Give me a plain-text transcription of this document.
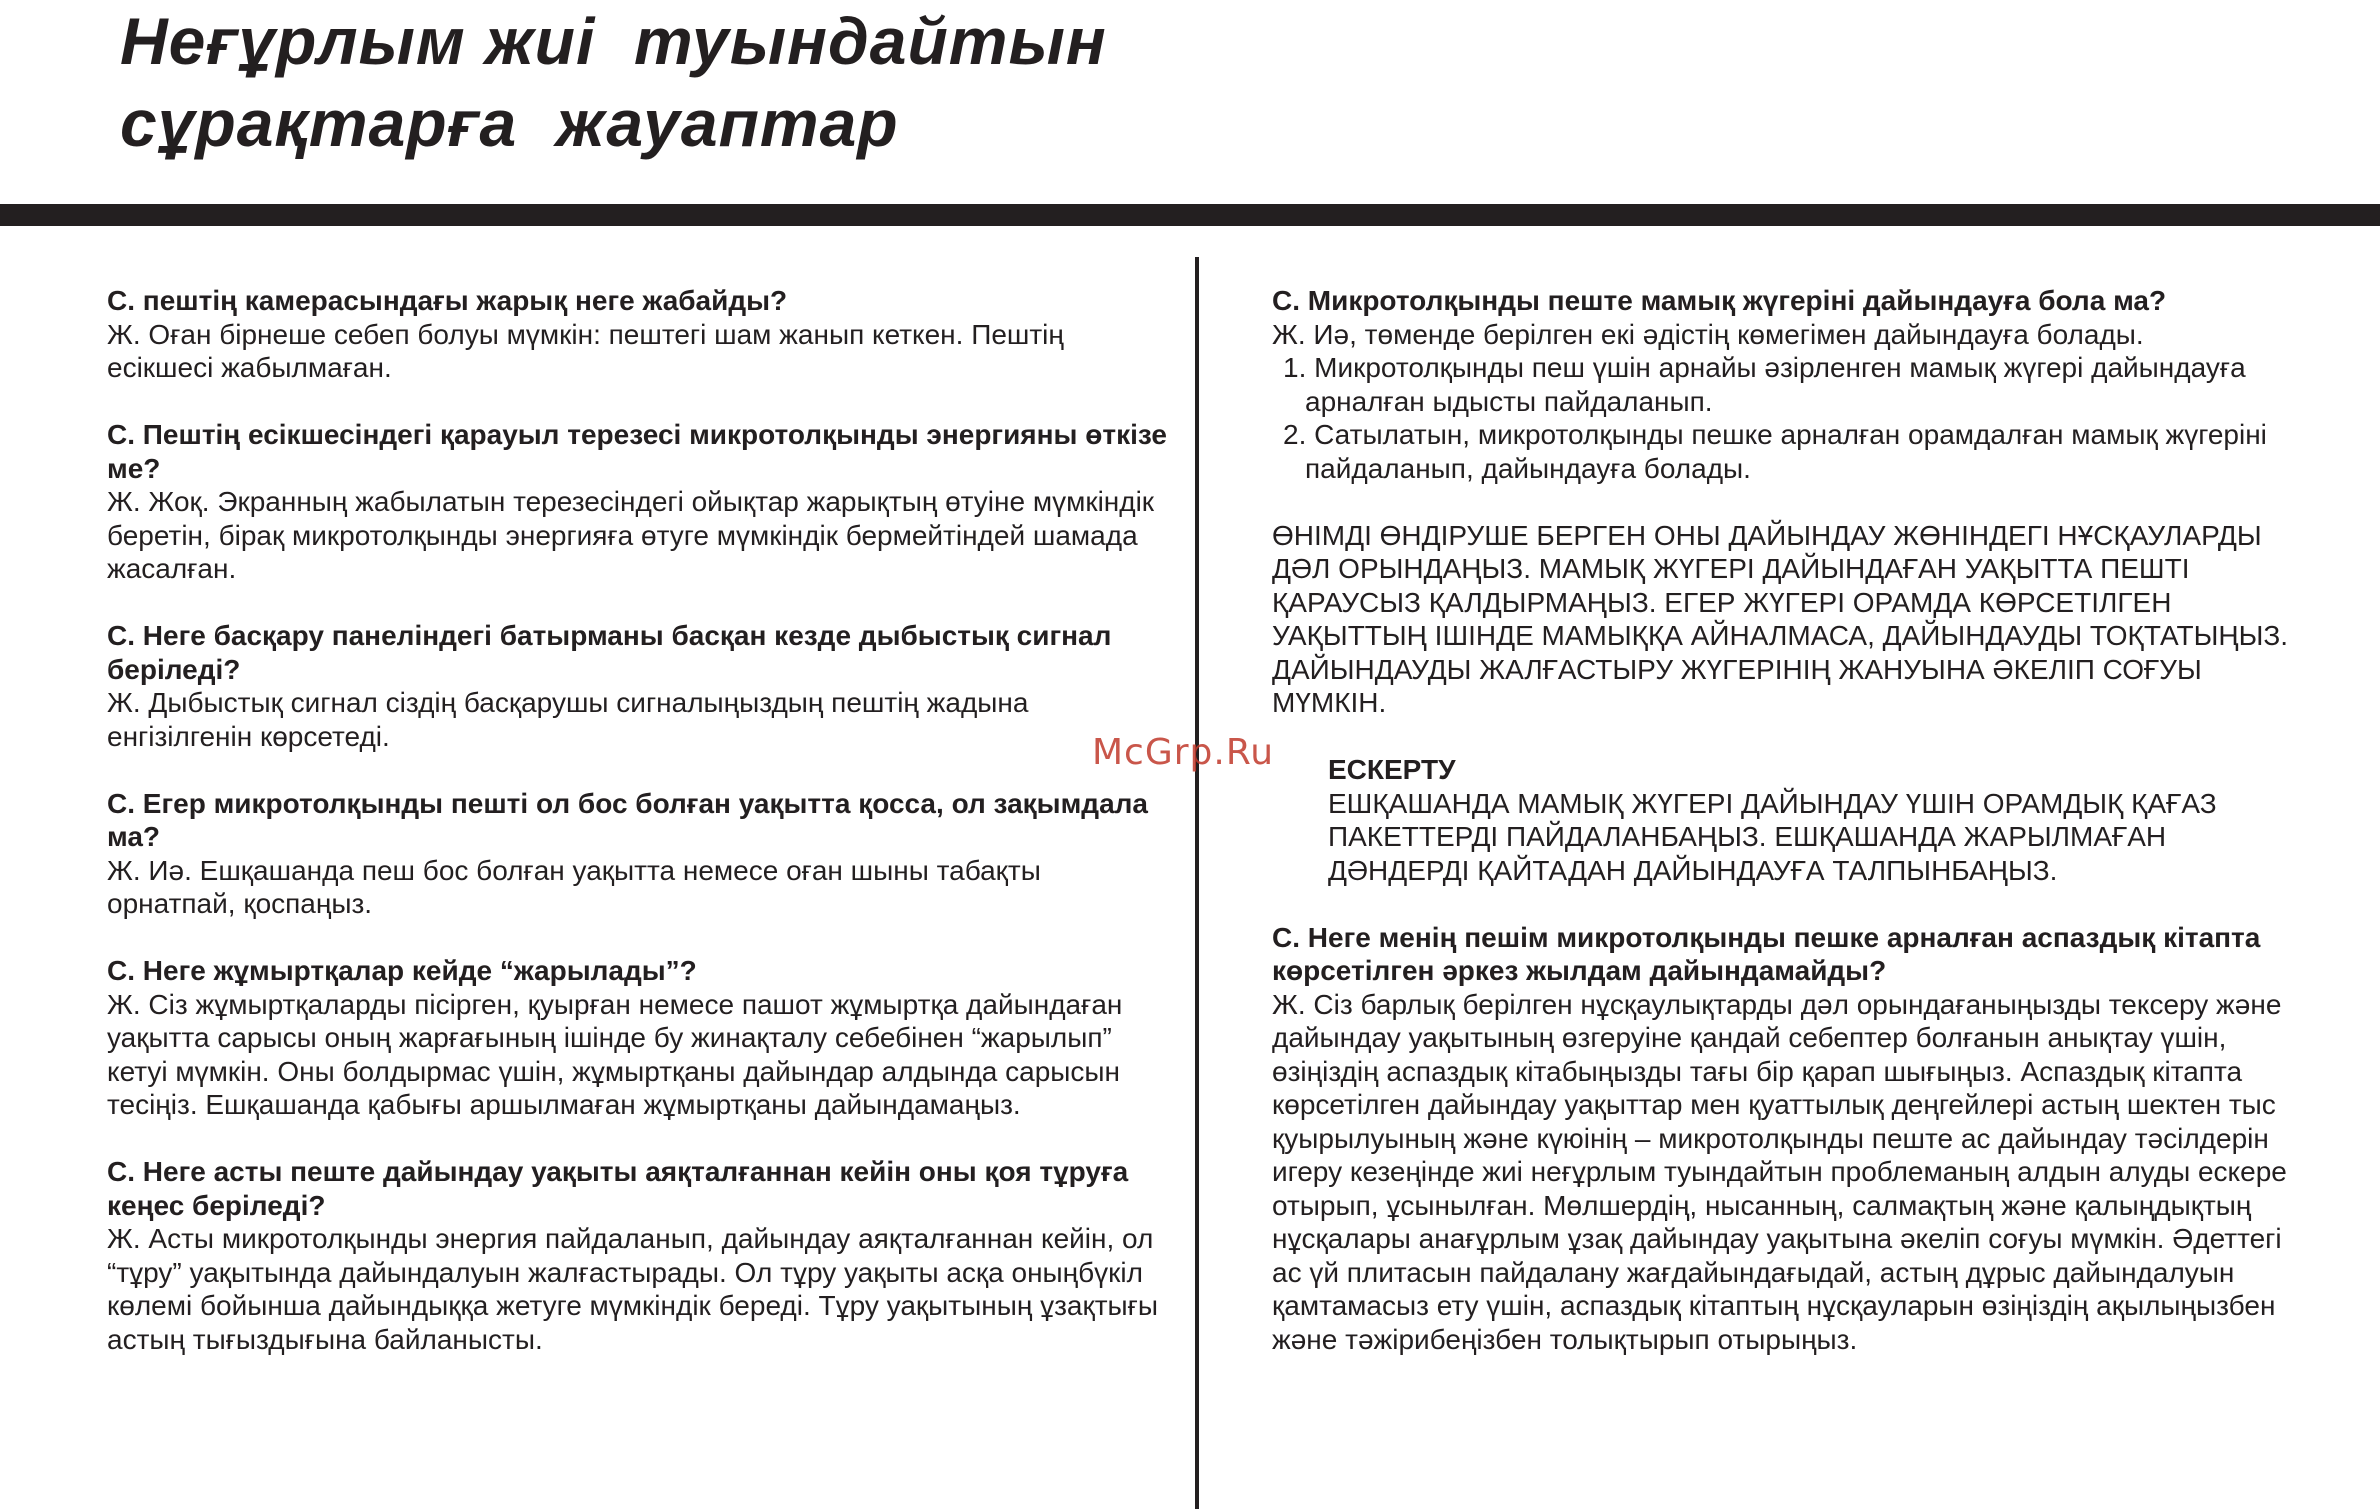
Неғұрлым жиі  туындайтын
сұрақтарға  жауаптар

С. пештің камерасындағы жарық неге жабайды?

Ж. Оған бірнеше себеп болуы мүмкін: пештегі шам жанып кеткен. Пештің есікшесі жабылмаған.

С. Пештің есікшесіндегі қарауыл терезесі микротолқынды энергияны өткізе ме?

Ж. Жоқ. Экранның жабылатын терезесіндегі ойықтар жарықтың өтуіне мүмкіндік беретін, бірақ микротолқынды энергияға өтуге мүмкіндік бермейтіндей шамада жасалған.

С. Неге басқару панеліндегі батырманы басқан кезде дыбыстық сигнал беріледі?

Ж. Дыбыстық сигнал сіздің басқарушы сигналыңыздың пештің жадына енгізілгенін көрсетеді.

С. Егер микротолқынды пешті ол бос болған уақытта қосса, ол зақымдала ма?

Ж. Иә. Ешқашанда пеш бос болған уақытта немесе оған шыны табақты орнатпай, қоспаңыз.

С. Неге жұмыртқалар кейде “жарылады”?

Ж. Сіз жұмыртқаларды пісірген, қуырған немесе пашот жұмыртқа дайындаған уақытта сарысы оның жарғағының ішінде бу жинақталу себебінен “жарылып” кетуі мүмкін. Оны болдырмас үшін, жұмыртқаны дайындар алдында сарысын тесіңіз. Ешқашанда қабығы аршылмаған жұмыртқаны дайындамаңыз.

С. Неге асты пеште дайындау уақыты аяқталғаннан кейін оны қоя тұруға кеңес беріледі?

Ж. Асты микротолқынды энергия пайдаланып, дайындау аяқталғаннан кейін, ол “тұру” уақытында дайындалуын жалғастырады. Ол тұру уақыты асқа оныңбүкіл көлемі бойынша дайындыққа жетуге мүмкіндік береді. Тұру уақытының ұзақтығы астың тығыздығына байланысты.

С. Микротолқынды пеште мамық жүгеріні дайындауға бола ма?

Ж. Иә, төменде берілген екі әдістің көмегімен дайындауға болады.

1. Микротолқынды пеш үшін арнайы әзірленген мамық жүгері дайындауға арналған ыдысты пайдаланып.
2. Сатылатын, микротолқынды пешке арналған орамдалған мамық жүгеріні пайдаланып, дайындауға болады.

ӨНІМДІ ӨНДІРУШЕ БЕРГЕН ОНЫ ДАЙЫНДАУ ЖӨНІНДЕГІ НҰСҚАУЛАРДЫ ДӘЛ ОРЫНДАҢЫЗ. МАМЫҚ ЖҮГЕРІ ДАЙЫНДАҒАН УАҚЫТТА ПЕШТІ ҚАРАУСЫЗ ҚАЛДЫРМАҢЫЗ. ЕГЕР ЖҮГЕРІ ОРАМДА КӨРСЕТІЛГЕН УАҚЫТТЫҢ ІШІНДЕ МАМЫҚҚА АЙНАЛМАСА, ДАЙЫНДАУДЫ ТОҚТАТЫҢЫЗ. ДАЙЫНДАУДЫ ЖАЛҒАСТЫРУ ЖҮГЕРІНІҢ ЖАНУЫНА ӘКЕЛІП СОҒУЫ МҮМКІН.

ЕСКЕРТУ

ЕШҚАШАНДА МАМЫҚ ЖҮГЕРІ ДАЙЫНДАУ ҮШІН ОРАМДЫҚ ҚАҒАЗ ПАКЕТТЕРДІ ПАЙДАЛАНБАҢЫЗ. ЕШҚАШАНДА ЖАРЫЛМАҒАН ДӘНДЕРДІ ҚАЙТАДАН ДАЙЫНДАУҒА ТАЛПЫНБАҢЫЗ.

С. Неге менің пешім микротолқынды пешке арналған аспаздық кітапта көрсетілген әркез жылдам дайындамайды?

Ж. Сіз барлық берілген нұсқаулықтарды дәл орындағаныңызды тексеру және дайындау уақытының өзгеруіне қандай себептер болғанын анықтау үшін, өзіңіздің аспаздық кітабыңызды тағы бір қарап шығыңыз. Аспаздық кітапта көрсетілген дайындау уақыттар мен қуаттылық деңгейлері астың шектен тыс қуырылуының және күюінің – микротолқынды пеште ас дайындау тәсілдерін игеру кезеңінде жиі неғұрлым туындайтын проблеманың алдын алуды ескере отырып, ұсынылған. Мөлшердің, нысанның, салмақтың және қалыңдықтың нұсқалары анағұрлым ұзақ дайындау уақытына әкеліп соғуы мүмкін. Әдеттегі ас үй плитасын пайдалану жағдайындағыдай, астың дұрыс дайындалуын қамтамасыз ету үшін, аспаздық кітаптың нұсқауларын өзіңіздің ақылыңызбен және тәжірибеңізбен толықтырып отырыңыз.

McGrp.Ru
